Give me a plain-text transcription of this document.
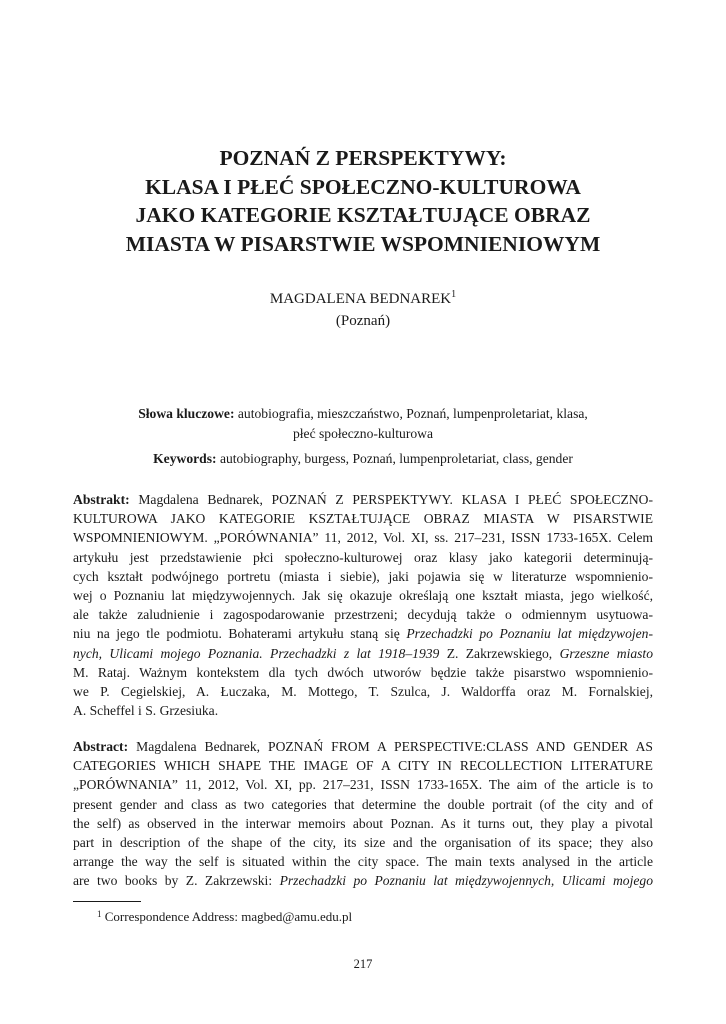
POZNAŃ Z PERSPEKTYWY:
KLASA I PŁEĆ SPOŁECZNO-KULTUROWA
JAKO KATEGORIE KSZTAŁTUJĄCE OBRAZ
MIASTA W PISARSTWIE WSPOMNIENIOWYM
MAGDALENA BEDNAREK$^1$
(Poznań)
Słowa kluczowe: autobiografia, mieszczaństwo, Poznań, lumpenproletariat, klasa,
płeć społeczno-kulturowa
Keywords: autobiography, burgess, Poznań, lumpenproletariat, class, gender
Abstrakt: Magdalena Bednarek, POZNAŃ Z PERSPEKTYWY. KLASA I PŁEĆ SPOŁECZNO-
KULTUROWA JAKO KATEGORIE KSZTAŁTUJĄCE OBRAZ MIASTA W PISARSTWIE
WSPOMNIENIOWYM. „PORÓWNANIA” 11, 2012, Vol. XI, ss. 217–231, ISSN 1733-165X. Celem
artykułu jest przedstawienie płci społeczno-kulturowej oraz klasy jako kategorii determinują-
cych kształt podwójnego portretu (miasta i siebie), jaki pojawia się w literaturze wspomnienio-
wej o Poznaniu lat międzywojennych. Jak się okazuje określają one kształt miasta, jego wielkość,
ale także zaludnienie i zagospodarowanie przestrzeni; decydują także o odmiennym usytuowa-
niu na jego tle podmiotu. Bohaterami artykułu staną się Przechadzki po Poznaniu lat międzywojen-
nych, Ulicami mojego Poznania. Przechadzki z lat 1918–1939 Z. Zakrzewskiego, Grzeszne miasto
M. Rataj. Ważnym kontekstem dla tych dwóch utworów będzie także pisarstwo wspomnienio-
we P. Cegielskiej, A. Łuczaka, M. Mottego, T. Szulca, J. Waldorffa oraz M. Fornalskiej,
A. Scheffel i S. Grzesiuka.
Abstract: Magdalena Bednarek, POZNAŃ FROM A PERSPECTIVE:CLASS AND GENDER AS
CATEGORIES WHICH SHAPE THE IMAGE OF A CITY IN RECOLLECTION LITERATURE
„PORÓWNANIA” 11, 2012, Vol. XI, pp. 217–231, ISSN 1733-165X. The aim of the article is to
present gender and class as two categories that determine the double portrait (of the city and of
the self) as observed in the interwar memoirs about Poznan. As it turns out, they play a pivotal
part in description of the shape of the city, its size and the organisation of its space; they also
arrange the way the self is situated within the city space. The main texts analysed in the article
are two books by Z. Zakrzewski: Przechadzki po Poznaniu lat międzywojennych, Ulicami mojego
$^1$ Correspondence Address: magbed@amu.edu.pl
217
